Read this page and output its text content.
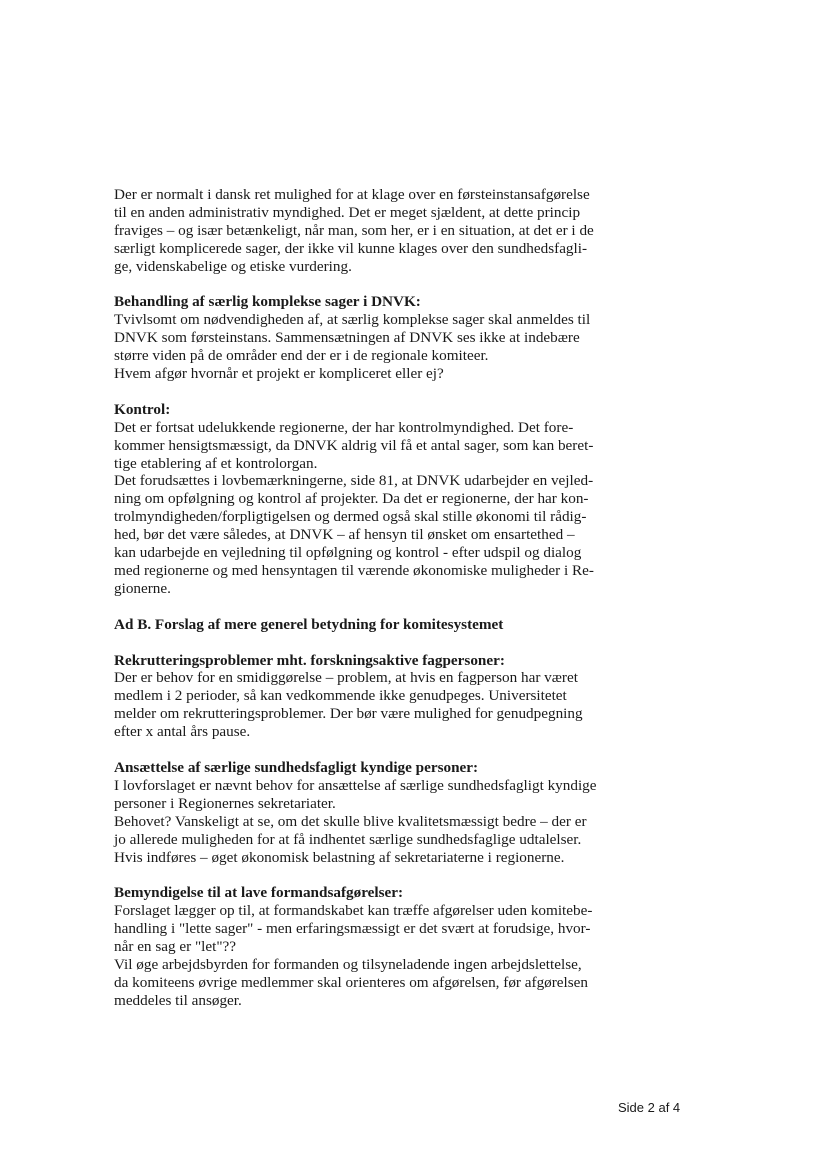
Der er normalt i dansk ret mulighed for at klage over en førsteinstansafgørelse
til en anden administrativ myndighed. Det er meget sjældent, at dette princip
fraviges – og især betænkeligt, når man, som her, er i en situation, at det er i de
særligt komplicerede sager, der ikke vil kunne klages over den sundhedsfagli-
ge, videnskabelige og etiske vurdering.
Behandling af særlig komplekse sager i DNVK:
Tvivlsomt om nødvendigheden af, at særlig komplekse sager skal anmeldes til
DNVK som førsteinstans. Sammensætningen af DNVK ses ikke at indebære
større viden på de områder end der er i de regionale komiteer.
Hvem afgør hvornår et projekt er kompliceret eller ej?
Kontrol:
Det er fortsat udelukkende regionerne, der har kontrolmyndighed. Det fore-
kommer hensigtsmæssigt, da DNVK aldrig vil få et antal sager, som kan beret-
tige etablering af et kontrolorgan.
Det forudsættes i lovbemærkningerne, side 81, at DNVK udarbejder en vejled-
ning om opfølgning og kontrol af projekter. Da det er regionerne, der har kon-
trolmyndigheden/forpligtigelsen og dermed også skal stille økonomi til rådig-
hed, bør det være således, at DNVK – af hensyn til ønsket om ensartethed –
kan udarbejde en vejledning til opfølgning og kontrol - efter udspil og dialog
med regionerne og med hensyntagen til værende økonomiske muligheder i Re-
gionerne.
Ad B. Forslag af mere generel betydning for komitesystemet
Rekrutteringsproblemer mht. forskningsaktive fagpersoner:
Der er behov for en smidiggørelse – problem, at hvis en fagperson har været
medlem i 2 perioder, så kan vedkommende ikke genudpeges. Universitetet
melder om rekrutteringsproblemer. Der bør være mulighed for genudpegning
efter x antal års pause.
Ansættelse af særlige sundhedsfagligt kyndige personer:
I lovforslaget er nævnt behov for ansættelse af særlige sundhedsfagligt kyndige
personer i Regionernes sekretariater.
Behovet? Vanskeligt at se, om det skulle blive kvalitetsmæssigt bedre – der er
jo allerede muligheden for at få indhentet særlige sundhedsfaglige udtalelser.
Hvis indføres – øget økonomisk belastning af sekretariaterne i regionerne.
Bemyndigelse til at lave formandsafgørelser:
Forslaget lægger op til, at formandskabet kan træffe afgørelser uden komitebe-
handling i "lette sager" - men erfaringsmæssigt er det svært at forudsige, hvor-
når en sag er "let"??
Vil øge arbejdsbyrden for formanden og tilsyneladende ingen arbejdslettelse,
da komiteens øvrige medlemmer skal orienteres om afgørelsen, før afgørelsen
meddeles til ansøger.
Side 2 af 4
